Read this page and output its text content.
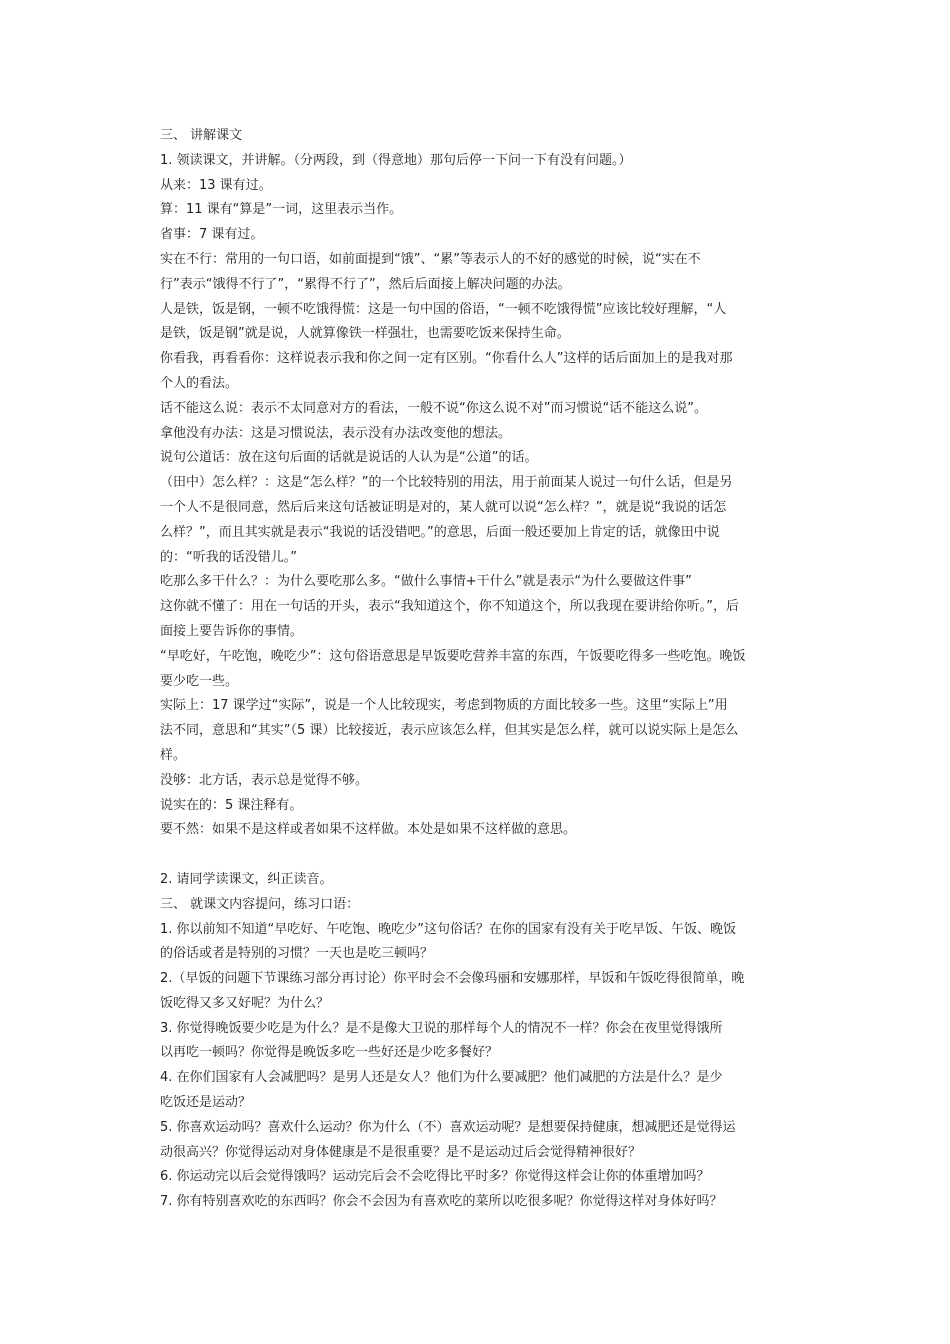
三、 讲解课文
1. 领读课文，并讲解。（分两段，到（得意地）那句后停一下问一下有没有问题。）
从来：13 课有过。
算：11 课有“算是”一词，这里表示当作。
省事：7 课有过。
实在不行：常用的一句口语，如前面提到“饿”、“累”等表示人的不好的感觉的时候，说“实在不
行”表示“饿得不行了”，“累得不行了”，然后后面接上解决问题的办法。
人是铁，饭是钢，一顿不吃饿得慌：这是一句中国的俗语，“一顿不吃饿得慌”应该比较好理解，“人
是铁，饭是钢”就是说，人就算像铁一样强壮，也需要吃饭来保持生命。
你看我，再看看你：这样说表示我和你之间一定有区别。“你看什么人”这样的话后面加上的是我对那
个人的看法。
话不能这么说：表示不太同意对方的看法，一般不说“你这么说不对”而习惯说“话不能这么说”。
拿他没有办法：这是习惯说法，表示没有办法改变他的想法。
说句公道话：放在这句后面的话就是说话的人认为是“公道”的话。
（田中）怎么样？：这是“怎么样？”的一个比较特别的用法，用于前面某人说过一句什么话，但是另
一个人不是很同意，然后后来这句话被证明是对的，某人就可以说“怎么样？”，就是说“我说的话怎
么样？”，而且其实就是表示“我说的话没错吧。”的意思，后面一般还要加上肯定的话，就像田中说
的：“听我的话没错儿。”
吃那么多干什么？：为什么要吃那么多。“做什么事情+干什么”就是表示“为什么要做这件事”
这你就不懂了：用在一句话的开头，表示“我知道这个，你不知道这个，所以我现在要讲给你听。”，后
面接上要告诉你的事情。
“早吃好，午吃饱，晚吃少”：这句俗语意思是早饭要吃营养丰富的东西，午饭要吃得多一些吃饱。晚饭
要少吃一些。
实际上：17 课学过“实际”，说是一个人比较现实，考虑到物质的方面比较多一些。这里“实际上”用
法不同，意思和“其实”（5 课）比较接近，表示应该怎么样，但其实是怎么样，就可以说实际上是怎么
样。
没够：北方话，表示总是觉得不够。
说实在的：5 课注释有。
要不然：如果不是这样或者如果不这样做。本处是如果不这样做的意思。
2. 请同学读课文，纠正读音。
三、 就课文内容提问，练习口语：
1. 你以前知不知道“早吃好、午吃饱、晚吃少”这句俗话？在你的国家有没有关于吃早饭、午饭、晚饭
的俗话或者是特别的习惯？一天也是吃三顿吗？
2.（早饭的问题下节课练习部分再讨论）你平时会不会像玛丽和安娜那样，早饭和午饭吃得很简单，晚
饭吃得又多又好呢？为什么？
3. 你觉得晚饭要少吃是为什么？是不是像大卫说的那样每个人的情况不一样？你会在夜里觉得饿所
以再吃一顿吗？你觉得是晚饭多吃一些好还是少吃多餐好？
4. 在你们国家有人会减肥吗？是男人还是女人？他们为什么要减肥？他们减肥的方法是什么？是少
吃饭还是运动？
5. 你喜欢运动吗？喜欢什么运动？你为什么（不）喜欢运动呢？是想要保持健康，想减肥还是觉得运
动很高兴？你觉得运动对身体健康是不是很重要？是不是运动过后会觉得精神很好？
6. 你运动完以后会觉得饿吗？运动完后会不会吃得比平时多？你觉得这样会让你的体重增加吗？
7. 你有特别喜欢吃的东西吗？你会不会因为有喜欢吃的菜所以吃很多呢？你觉得这样对身体好吗？
